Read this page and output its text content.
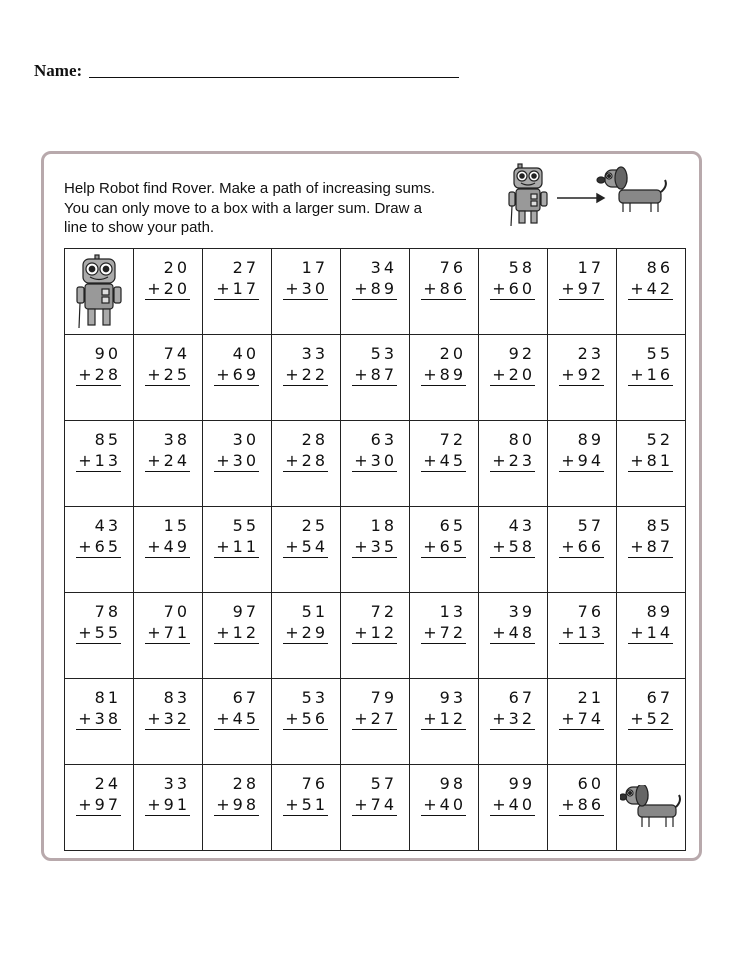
Name:
Help Robot find Rover. Make a path of increasing sums.
You can only move to a box with a larger sum. Draw a
line to show your path.
20
+20
27
+17
17
+30
34
+89
76
+86
58
+60
17
+97
86
+42
90
+28
74
+25
40
+69
33
+22
53
+87
20
+89
92
+20
23
+92
55
+16
85
+13
38
+24
30
+30
28
+28
63
+30
72
+45
80
+23
89
+94
52
+81
43
+65
15
+49
55
+11
25
+54
18
+35
65
+65
43
+58
57
+66
85
+87
78
+55
70
+71
97
+12
51
+29
72
+12
13
+72
39
+48
76
+13
89
+14
81
+38
83
+32
67
+45
53
+56
79
+27
93
+12
67
+32
21
+74
67
+52
24
+97
33
+91
28
+98
76
+51
57
+74
98
+40
99
+40
60
+86
